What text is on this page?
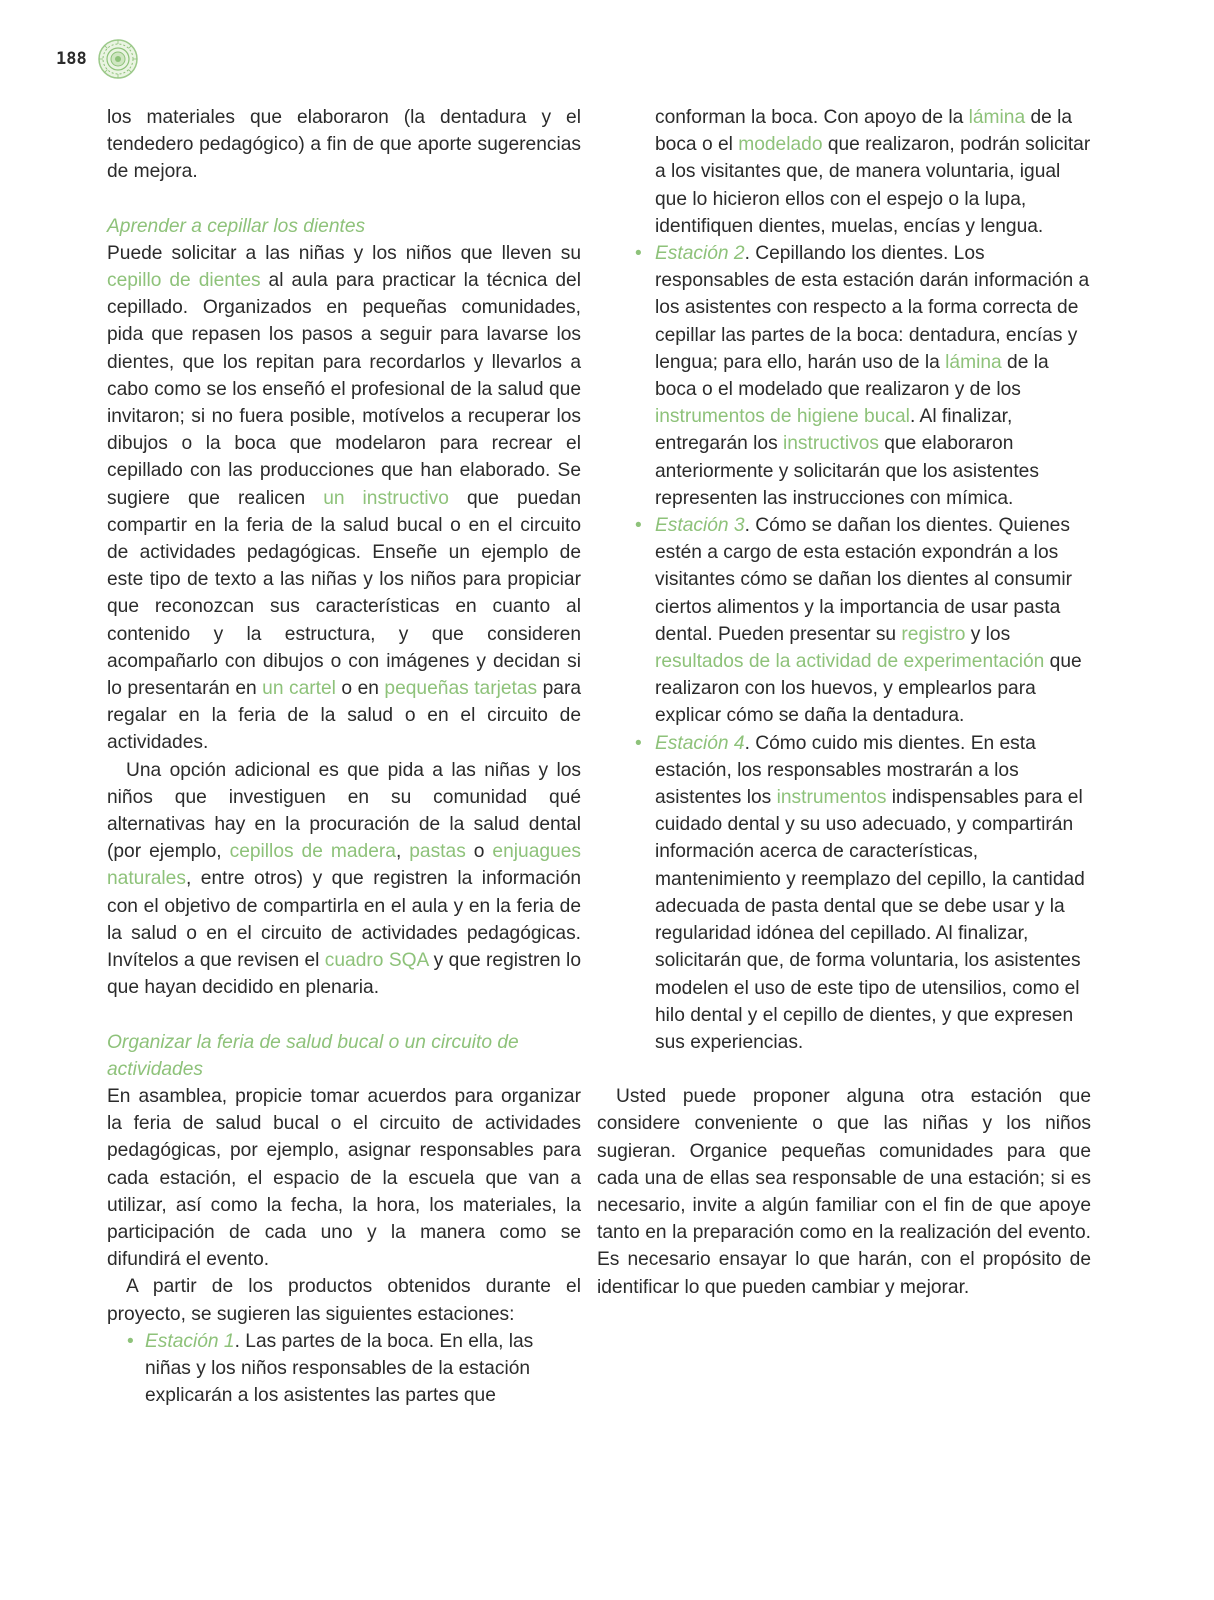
188

los materiales que elaboraron (la dentadura y el tendedero pedagógico) a fin de que aporte sugerencias de mejora.

Aprender a cepillar los dientes

Puede solicitar a las niñas y los niños que lleven su cepillo de dientes al aula para practicar la técnica del cepillado. Organizados en pequeñas comunidades, pida que repasen los pasos a seguir para lavarse los dientes, que los repitan para recordarlos y llevarlos a cabo como se los enseñó el profesional de la salud que invitaron; si no fuera posible, motívelos a recuperar los dibujos o la boca que modelaron para recrear el cepillado con las producciones que han elaborado. Se sugiere que realicen un instructivo que puedan compartir en la feria de la salud bucal o en el circuito de actividades pedagógicas. Enseñe un ejemplo de este tipo de texto a las niñas y los niños para propiciar que reconozcan sus características en cuanto al contenido y la estructura, y que consideren acompañarlo con dibujos o con imágenes y decidan si lo presentarán en un cartel o en pequeñas tarjetas para regalar en la feria de la salud o en el circuito de actividades.

Una opción adicional es que pida a las niñas y los niños que investiguen en su comunidad qué alternativas hay en la procuración de la salud dental (por ejemplo, cepillos de madera, pastas o enjuagues naturales, entre otros) y que registren la información con el objetivo de compartirla en el aula y en la feria de la salud o en el circuito de actividades pedagógicas. Invítelos a que revisen el cuadro SQA y que registren lo que hayan decidido en plenaria.

Organizar la feria de salud bucal o un circuito de actividades

En asamblea, propicie tomar acuerdos para organizar la feria de salud bucal o el circuito de actividades pedagógicas, por ejemplo, asignar responsables para cada estación, el espacio de la escuela que van a utilizar, así como la fecha, la hora, los materiales, la participación de cada uno y la manera como se difundirá el evento.

A partir de los productos obtenidos durante el proyecto, se sugieren las siguientes estaciones:

• Estación 1. Las partes de la boca. En ella, las niñas y los niños responsables de la estación explicarán a los asistentes las partes que

conforman la boca. Con apoyo de la lámina de la boca o el modelado que realizaron, podrán solicitar a los visitantes que, de manera voluntaria, igual que lo hicieron ellos con el espejo o la lupa, identifiquen dientes, muelas, encías y lengua.

• Estación 2. Cepillando los dientes. Los responsables de esta estación darán información a los asistentes con respecto a la forma correcta de cepillar las partes de la boca: dentadura, encías y lengua; para ello, harán uso de la lámina de la boca o el modelado que realizaron y de los instrumentos de higiene bucal. Al finalizar, entregarán los instructivos que elaboraron anteriormente y solicitarán que los asistentes representen las instrucciones con mímica.
• Estación 3. Cómo se dañan los dientes. Quienes estén a cargo de esta estación expondrán a los visitantes cómo se dañan los dientes al consumir ciertos alimentos y la importancia de usar pasta dental. Pueden presentar su registro y los resultados de la actividad de experimentación que realizaron con los huevos, y emplearlos para explicar cómo se daña la dentadura.
• Estación 4. Cómo cuido mis dientes. En esta estación, los responsables mostrarán a los asistentes los instrumentos indispensables para el cuidado dental y su uso adecuado, y compartirán información acerca de características, mantenimiento y reemplazo del cepillo, la cantidad adecuada de pasta dental que se debe usar y la regularidad idónea del cepillado. Al finalizar, solicitarán que, de forma voluntaria, los asistentes modelen el uso de este tipo de utensilios, como el hilo dental y el cepillo de dientes, y que expresen sus experiencias.

Usted puede proponer alguna otra estación que considere conveniente o que las niñas y los niños sugieran. Organice pequeñas comunidades para que cada una de ellas sea responsable de una estación; si es necesario, invite a algún familiar con el fin de que apoye tanto en la preparación como en la realización del evento. Es necesario ensayar lo que harán, con el propósito de identificar lo que pueden cambiar y mejorar.
